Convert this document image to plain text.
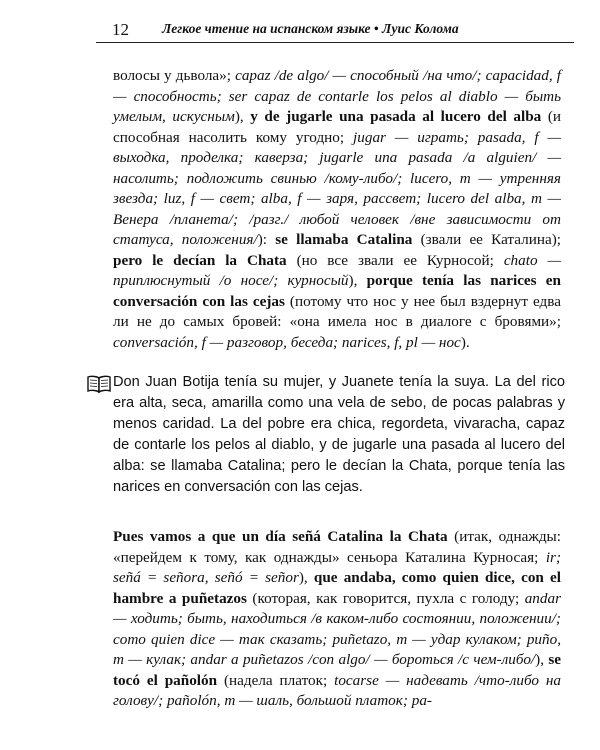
12 Легкое чтение на испанском языке • Луис Колома
волосы у дьвола»; capaz /de algo/ — способный /на что/; capacidad, f — способность; ser capaz de contarle los pelos al diablo — быть умелым, искусным), y de jugarle una pasada al lucero del alba (и способная насолить кому угодно; jugar — играть; pasada, f — выходка, проделка; каверза; jugarle una pasada /a alguien/ — насолить; подложить свинью /кому-либо/; lucero, m — утренняя звезда; luz, f — свет; alba, f — заря, рассвет; lucero del alba, m — Венера /планета/; /разг./ любой человек /вне зависимости от статуса, положения/): se llamaba Catalina (звали ее Каталина); pero le decían la Chata (но все звали ее Курносой; chato — приплюснутый /о носе/; курносый), porque tenía las narices en conversación con las cejas (потому что нос у нее был вздернут едва ли не до самых бровей: «она имела нос в диалоге с бровями»; conversación, f — разговор, беседа; narices, f, pl — нос).
Don Juan Botija tenía su mujer, y Juanete tenía la suya. La del rico era alta, seca, amarilla como una vela de sebo, de pocas palabras y menos caridad. La del pobre era chica, regordeta, vivaracha, capaz de contarle los pelos al diablo, y de jugarle una pasada al lucero del alba: se llamaba Catalina; pero le decían la Chata, porque tenía las narices en conversación con las cejas.
Pues vamos a que un día señá Catalina la Chata (итак, однажды: «перейдем к тому, как однажды» сеньора Каталина Курносая; ir; señá = señora, señó = señor), que andaba, como quien dice, con el hambre a puñetazos (которая, как говорится, пухла с голоду; andar — ходить; быть, находиться /в каком-либо состоянии, положении/; como quien dice — так сказать; puñetazo, m — удар кулаком; puño, m — кулак; andar a puñetazos /con algo/ — бороться /с чем-либо/), se tocó el pañolón (надела платок; tocarse — надевать /что-либо на голову/; pañolón, m — шаль, большой платок; pa-
